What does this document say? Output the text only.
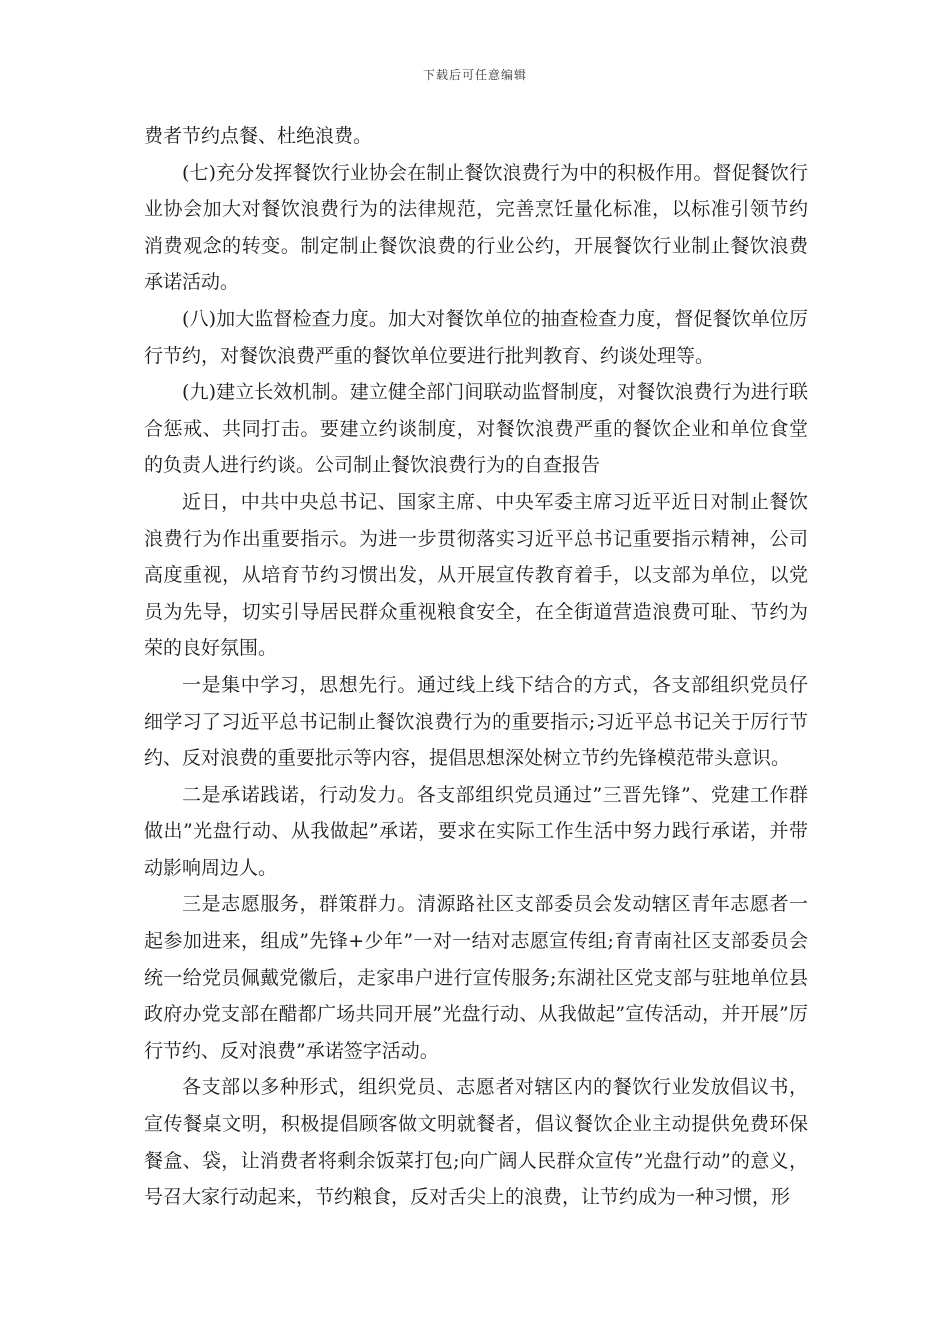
下载后可任意编辑

费者节约点餐、杜绝浪费。

(七)充分发挥餐饮行业协会在制止餐饮浪费行为中的积极作用。督促餐饮行业协会加大对餐饮浪费行为的法律规范，完善烹饪量化标准，以标准引领节约消费观念的转变。制定制止餐饮浪费的行业公约，开展餐饮行业制止餐饮浪费承诺活动。

(八)加大监督检查力度。加大对餐饮单位的抽查检查力度，督促餐饮单位厉行节约，对餐饮浪费严重的餐饮单位要进行批判教育、约谈处理等。

(九)建立长效机制。建立健全部门间联动监督制度，对餐饮浪费行为进行联合惩戒、共同打击。要建立约谈制度，对餐饮浪费严重的餐饮企业和单位食堂的负责人进行约谈。公司制止餐饮浪费行为的自查报告

近日，中共中央总书记、国家主席、中央军委主席习近平近日对制止餐饮浪费行为作出重要指示。为进一步贯彻落实习近平总书记重要指示精神，公司高度重视，从培育节约习惯出发，从开展宣传教育着手，以支部为单位，以党员为先导，切实引导居民群众重视粮食安全，在全街道营造浪费可耻、节约为荣的良好氛围。

一是集中学习，思想先行。通过线上线下结合的方式，各支部组织党员仔细学习了习近平总书记制止餐饮浪费行为的重要指示;习近平总书记关于厉行节约、反对浪费的重要批示等内容，提倡思想深处树立节约先锋模范带头意识。

二是承诺践诺，行动发力。各支部组织党员通过”三晋先锋”、党建工作群做出”光盘行动、从我做起”承诺，要求在实际工作生活中努力践行承诺，并带动影响周边人。

三是志愿服务，群策群力。清源路社区支部委员会发动辖区青年志愿者一起参加进来，组成”先锋+少年”一对一结对志愿宣传组;育青南社区支部委员会统一给党员佩戴党徽后，走家串户进行宣传服务;东湖社区党支部与驻地单位县政府办党支部在醋都广场共同开展”光盘行动、从我做起”宣传活动，并开展”厉行节约、反对浪费”承诺签字活动。

各支部以多种形式，组织党员、志愿者对辖区内的餐饮行业发放倡议书，宣传餐桌文明，积极提倡顾客做文明就餐者，倡议餐饮企业主动提供免费环保餐盒、袋，让消费者将剩余饭菜打包;向广阔人民群众宣传”光盘行动”的意义，号召大家行动起来，节约粮食，反对舌尖上的浪费，让节约成为一种习惯，形
